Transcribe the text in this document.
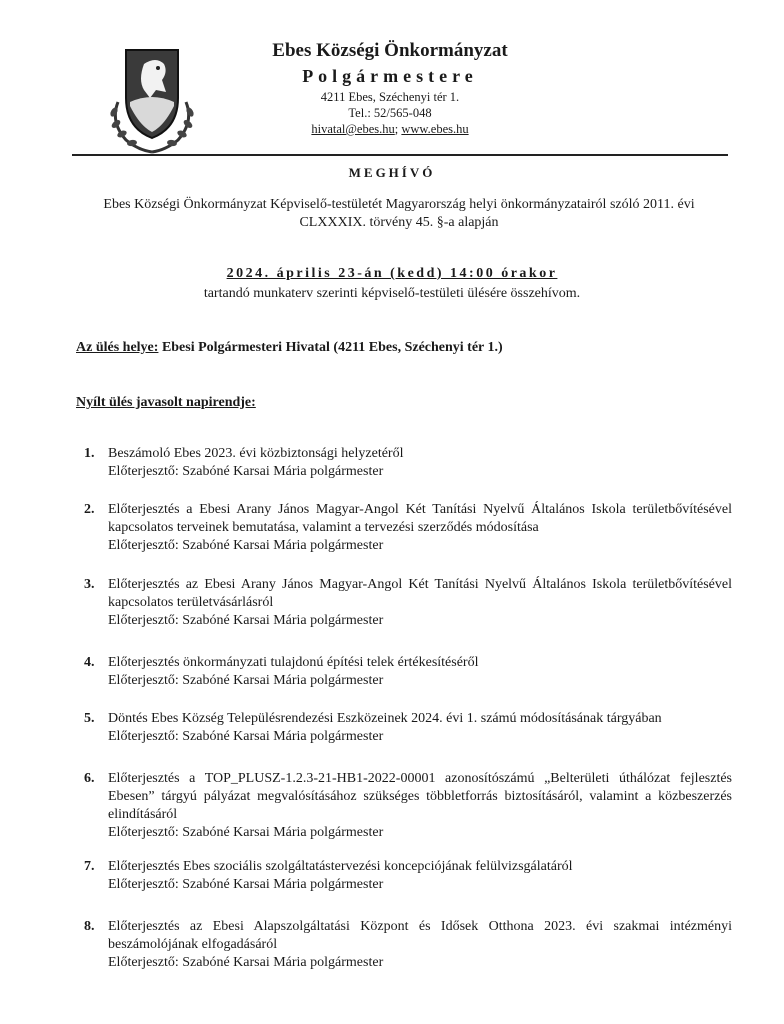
Ebes Községi Önkormányzat
Polgármestere
4211 Ebes, Széchenyi tér 1.
Tel.: 52/565-048
hivatal@ebes.hu; www.ebes.hu
MEGHÍVÓ
Ebes Községi Önkormányzat Képviselő-testületét Magyarország helyi önkormányzatairól szóló 2011. évi CLXXXIX. törvény 45. §-a alapján
2024. április 23-án (kedd) 14:00 órakor
tartandó munkaterv szerinti képviselő-testületi ülésére összehívom.
Az ülés helye: Ebesi Polgármesteri Hivatal (4211 Ebes, Széchenyi tér 1.)
Nyílt ülés javasolt napirendje:
1. Beszámoló Ebes 2023. évi közbiztonsági helyzetéről
Előterjesztő: Szabóné Karsai Mária polgármester
2. Előterjesztés a Ebesi Arany János Magyar-Angol Két Tanítási Nyelvű Általános Iskola területbővítésével kapcsolatos terveinek bemutatása, valamint a tervezési szerződés módosítása
Előterjesztő: Szabóné Karsai Mária polgármester
3. Előterjesztés az Ebesi Arany János Magyar-Angol Két Tanítási Nyelvű Általános Iskola területbővítésével kapcsolatos területvásárlásról
Előterjesztő: Szabóné Karsai Mária polgármester
4. Előterjesztés önkormányzati tulajdonú építési telek értékesítéséről
Előterjesztő: Szabóné Karsai Mária polgármester
5. Döntés Ebes Község Településrendezési Eszközeinek 2024. évi 1. számú módosításának tárgyában
Előterjesztő: Szabóné Karsai Mária polgármester
6. Előterjesztés a TOP_PLUSZ-1.2.3-21-HB1-2022-00001 azonosítószámú „Belterületi úthálózat fejlesztés Ebesen” tárgyú pályázat megvalósításához szükséges többletforrás biztosításáról, valamint a közbeszerzés elindításáról
Előterjesztő: Szabóné Karsai Mária polgármester
7. Előterjesztés Ebes szociális szolgáltatástervezési koncepciójának felülvizsgálatáról
Előterjesztő: Szabóné Karsai Mária polgármester
8. Előterjesztés az Ebesi Alapszolgáltatási Központ és Idősek Otthona 2023. évi szakmai intézményi beszámolójának elfogadásáról
Előterjesztő: Szabóné Karsai Mária polgármester
